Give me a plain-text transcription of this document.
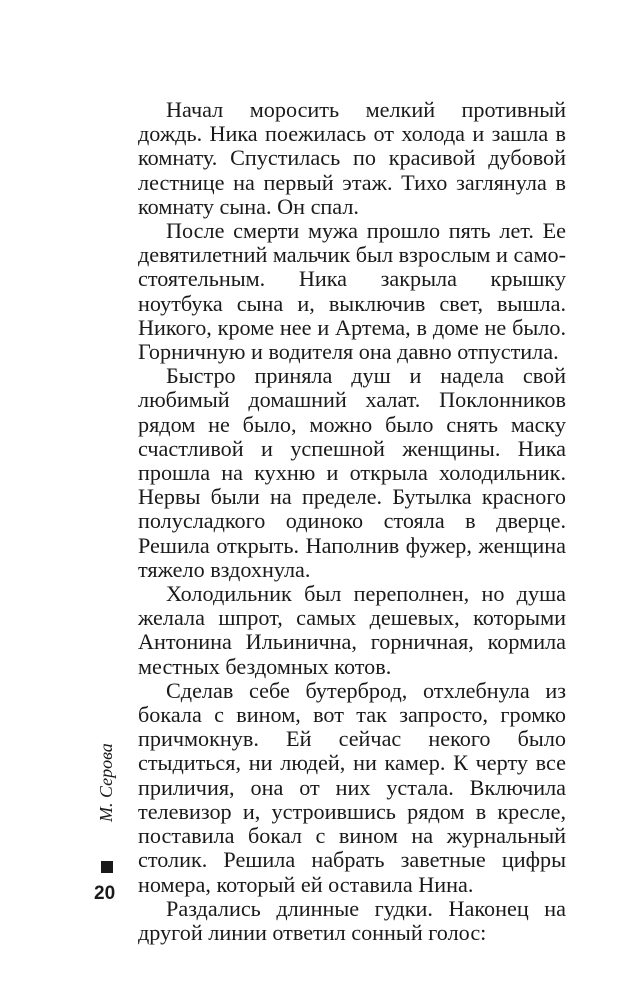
Начал моросить мелкий противный дождь. Ника поежилась от холода и зашла в комнату. Спустилась по красивой дубовой лестнице на первый этаж. Тихо заглянула в комнату сына. Он спал.

После смерти мужа прошло пять лет. Ее девятилетний мальчик был взрослым и самостоятельным. Ника закрыла крышку ноутбука сына и, выключив свет, вышла. Никого, кроме нее и Артема, в доме не было. Горничную и водителя она давно отпустила.

Быстро приняла душ и надела свой любимый домашний халат. Поклонников рядом не было, можно было снять маску счастливой и успешной женщины. Ника прошла на кухню и открыла холодильник. Нервы были на пределе. Бутылка красного полусладкого одиноко стояла в дверце. Решила открыть. Наполнив фужер, женщина тяжело вздохнула.

Холодильник был переполнен, но душа желала шпрот, самых дешевых, которыми Антонина Ильинична, горничная, кормила местных бездомных котов.

Сделав себе бутерброд, отхлебнула из бокала с вином, вот так запросто, громко причмокнув. Ей сейчас некого было стыдиться, ни людей, ни камер. К черту все приличия, она от них устала. Включила телевизор и, устроившись рядом в кресле, поставила бокал с вином на журнальный столик. Решила набрать заветные цифры номера, который ей оставила Нина.

Раздались длинные гудки. Наконец на другой линии ответил сонный голос:

М. Серова
20
